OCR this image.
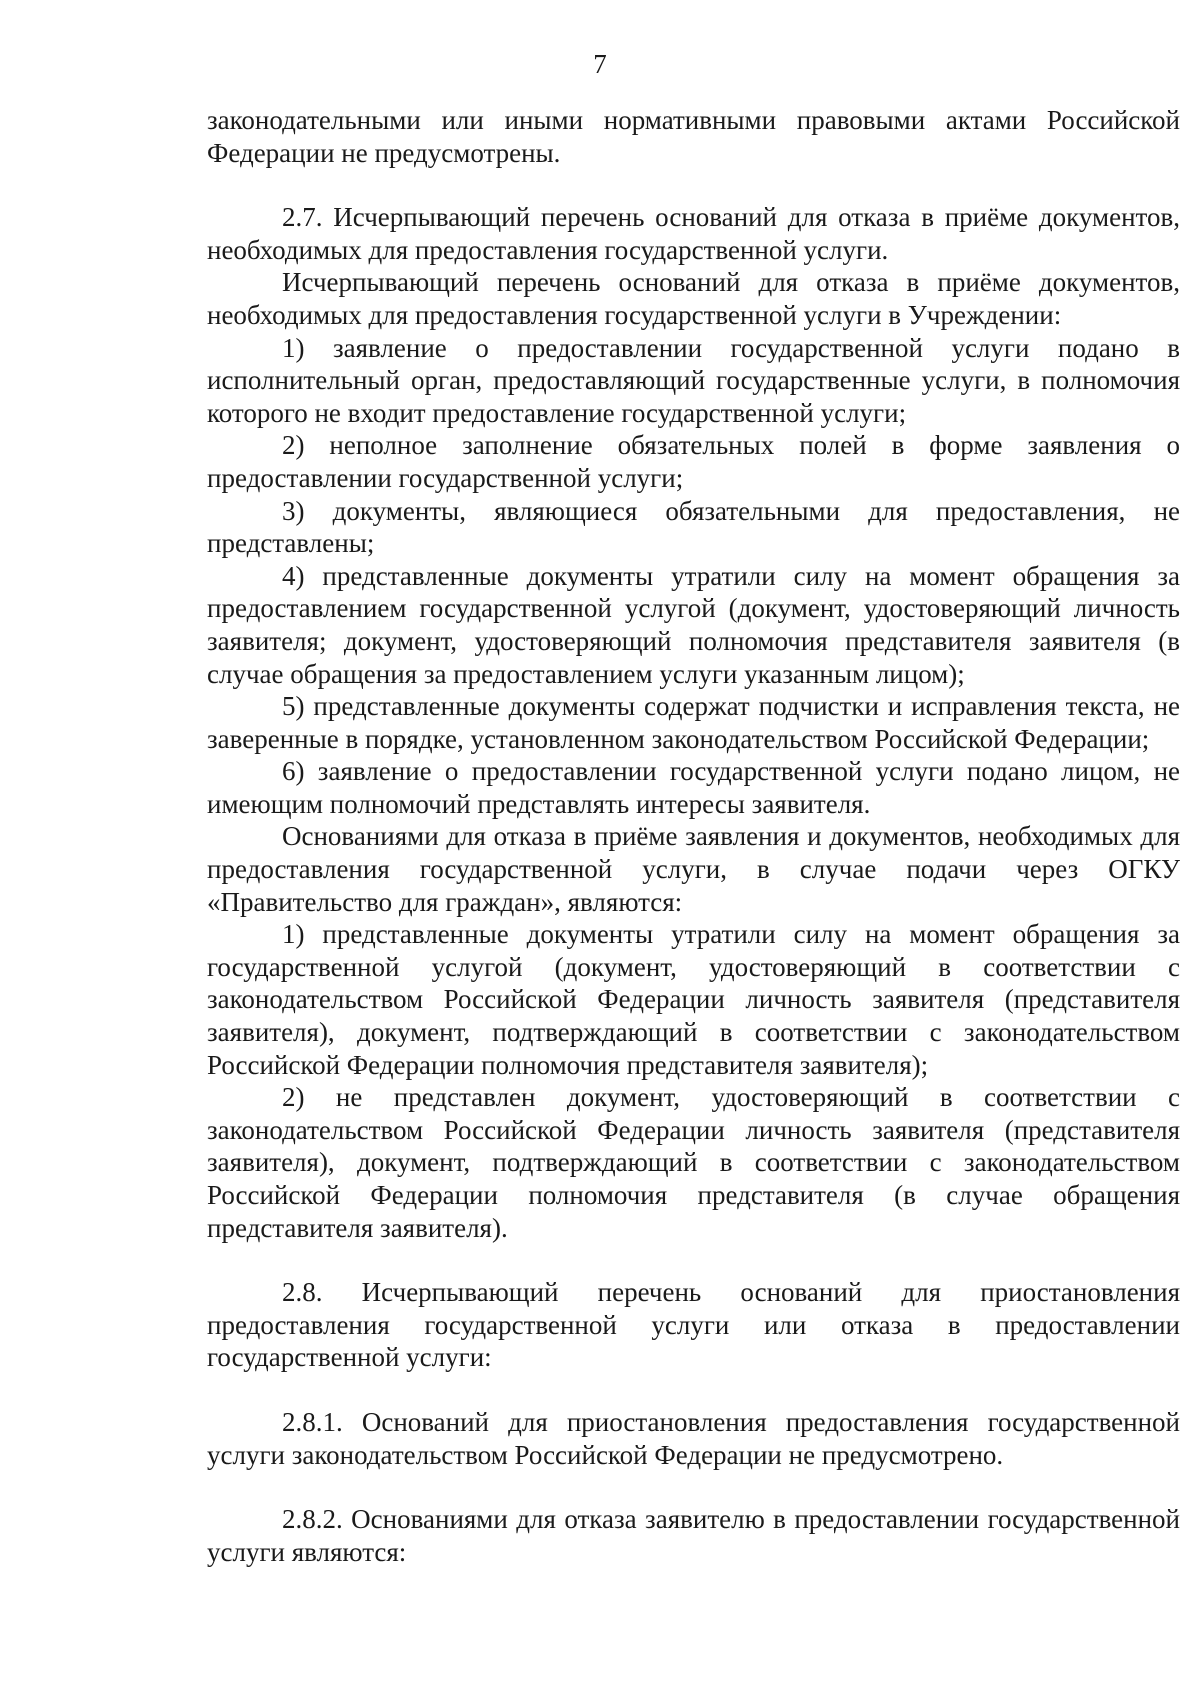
7

законодательными или иными нормативными правовыми актами Российской Федерации не предусмотрены.

2.7. Исчерпывающий перечень оснований для отказа в приёме документов, необходимых для предоставления государственной услуги.

Исчерпывающий перечень оснований для отказа в приёме документов, необходимых для предоставления государственной услуги в Учреждении:

1) заявление о предоставлении государственной услуги подано в исполнительный орган, предоставляющий государственные услуги, в полномочия которого не входит предоставление государственной услуги;

2) неполное заполнение обязательных полей в форме заявления о предоставлении государственной услуги;

3) документы, являющиеся обязательными для предоставления, не представлены;

4) представленные документы утратили силу на момент обращения за предоставлением государственной услугой (документ, удостоверяющий личность заявителя; документ, удостоверяющий полномочия представителя заявителя (в случае обращения за предоставлением услуги указанным лицом);

5) представленные документы содержат подчистки и исправления текста, не заверенные в порядке, установленном законодательством Российской Федерации;

6) заявление о предоставлении государственной услуги подано лицом, не имеющим полномочий представлять интересы заявителя.

Основаниями для отказа в приёме заявления и документов, необходимых для предоставления государственной услуги, в случае подачи через ОГКУ «Правительство для граждан», являются:

1) представленные документы утратили силу на момент обращения за государственной услугой (документ, удостоверяющий в соответствии с законодательством Российской Федерации личность заявителя (представителя заявителя), документ, подтверждающий в соответствии с законодательством Российской Федерации полномочия представителя заявителя);

2) не представлен документ, удостоверяющий в соответствии с законодательством Российской Федерации личность заявителя (представителя заявителя), документ, подтверждающий в соответствии с законодательством Российской Федерации полномочия представителя (в случае обращения представителя заявителя).

2.8. Исчерпывающий перечень оснований для приостановления предоставления государственной услуги или отказа в предоставлении государственной услуги:

2.8.1. Оснований для приостановления предоставления государственной услуги законодательством Российской Федерации не предусмотрено.

2.8.2. Основаниями для отказа заявителю в предоставлении государственной услуги являются:
